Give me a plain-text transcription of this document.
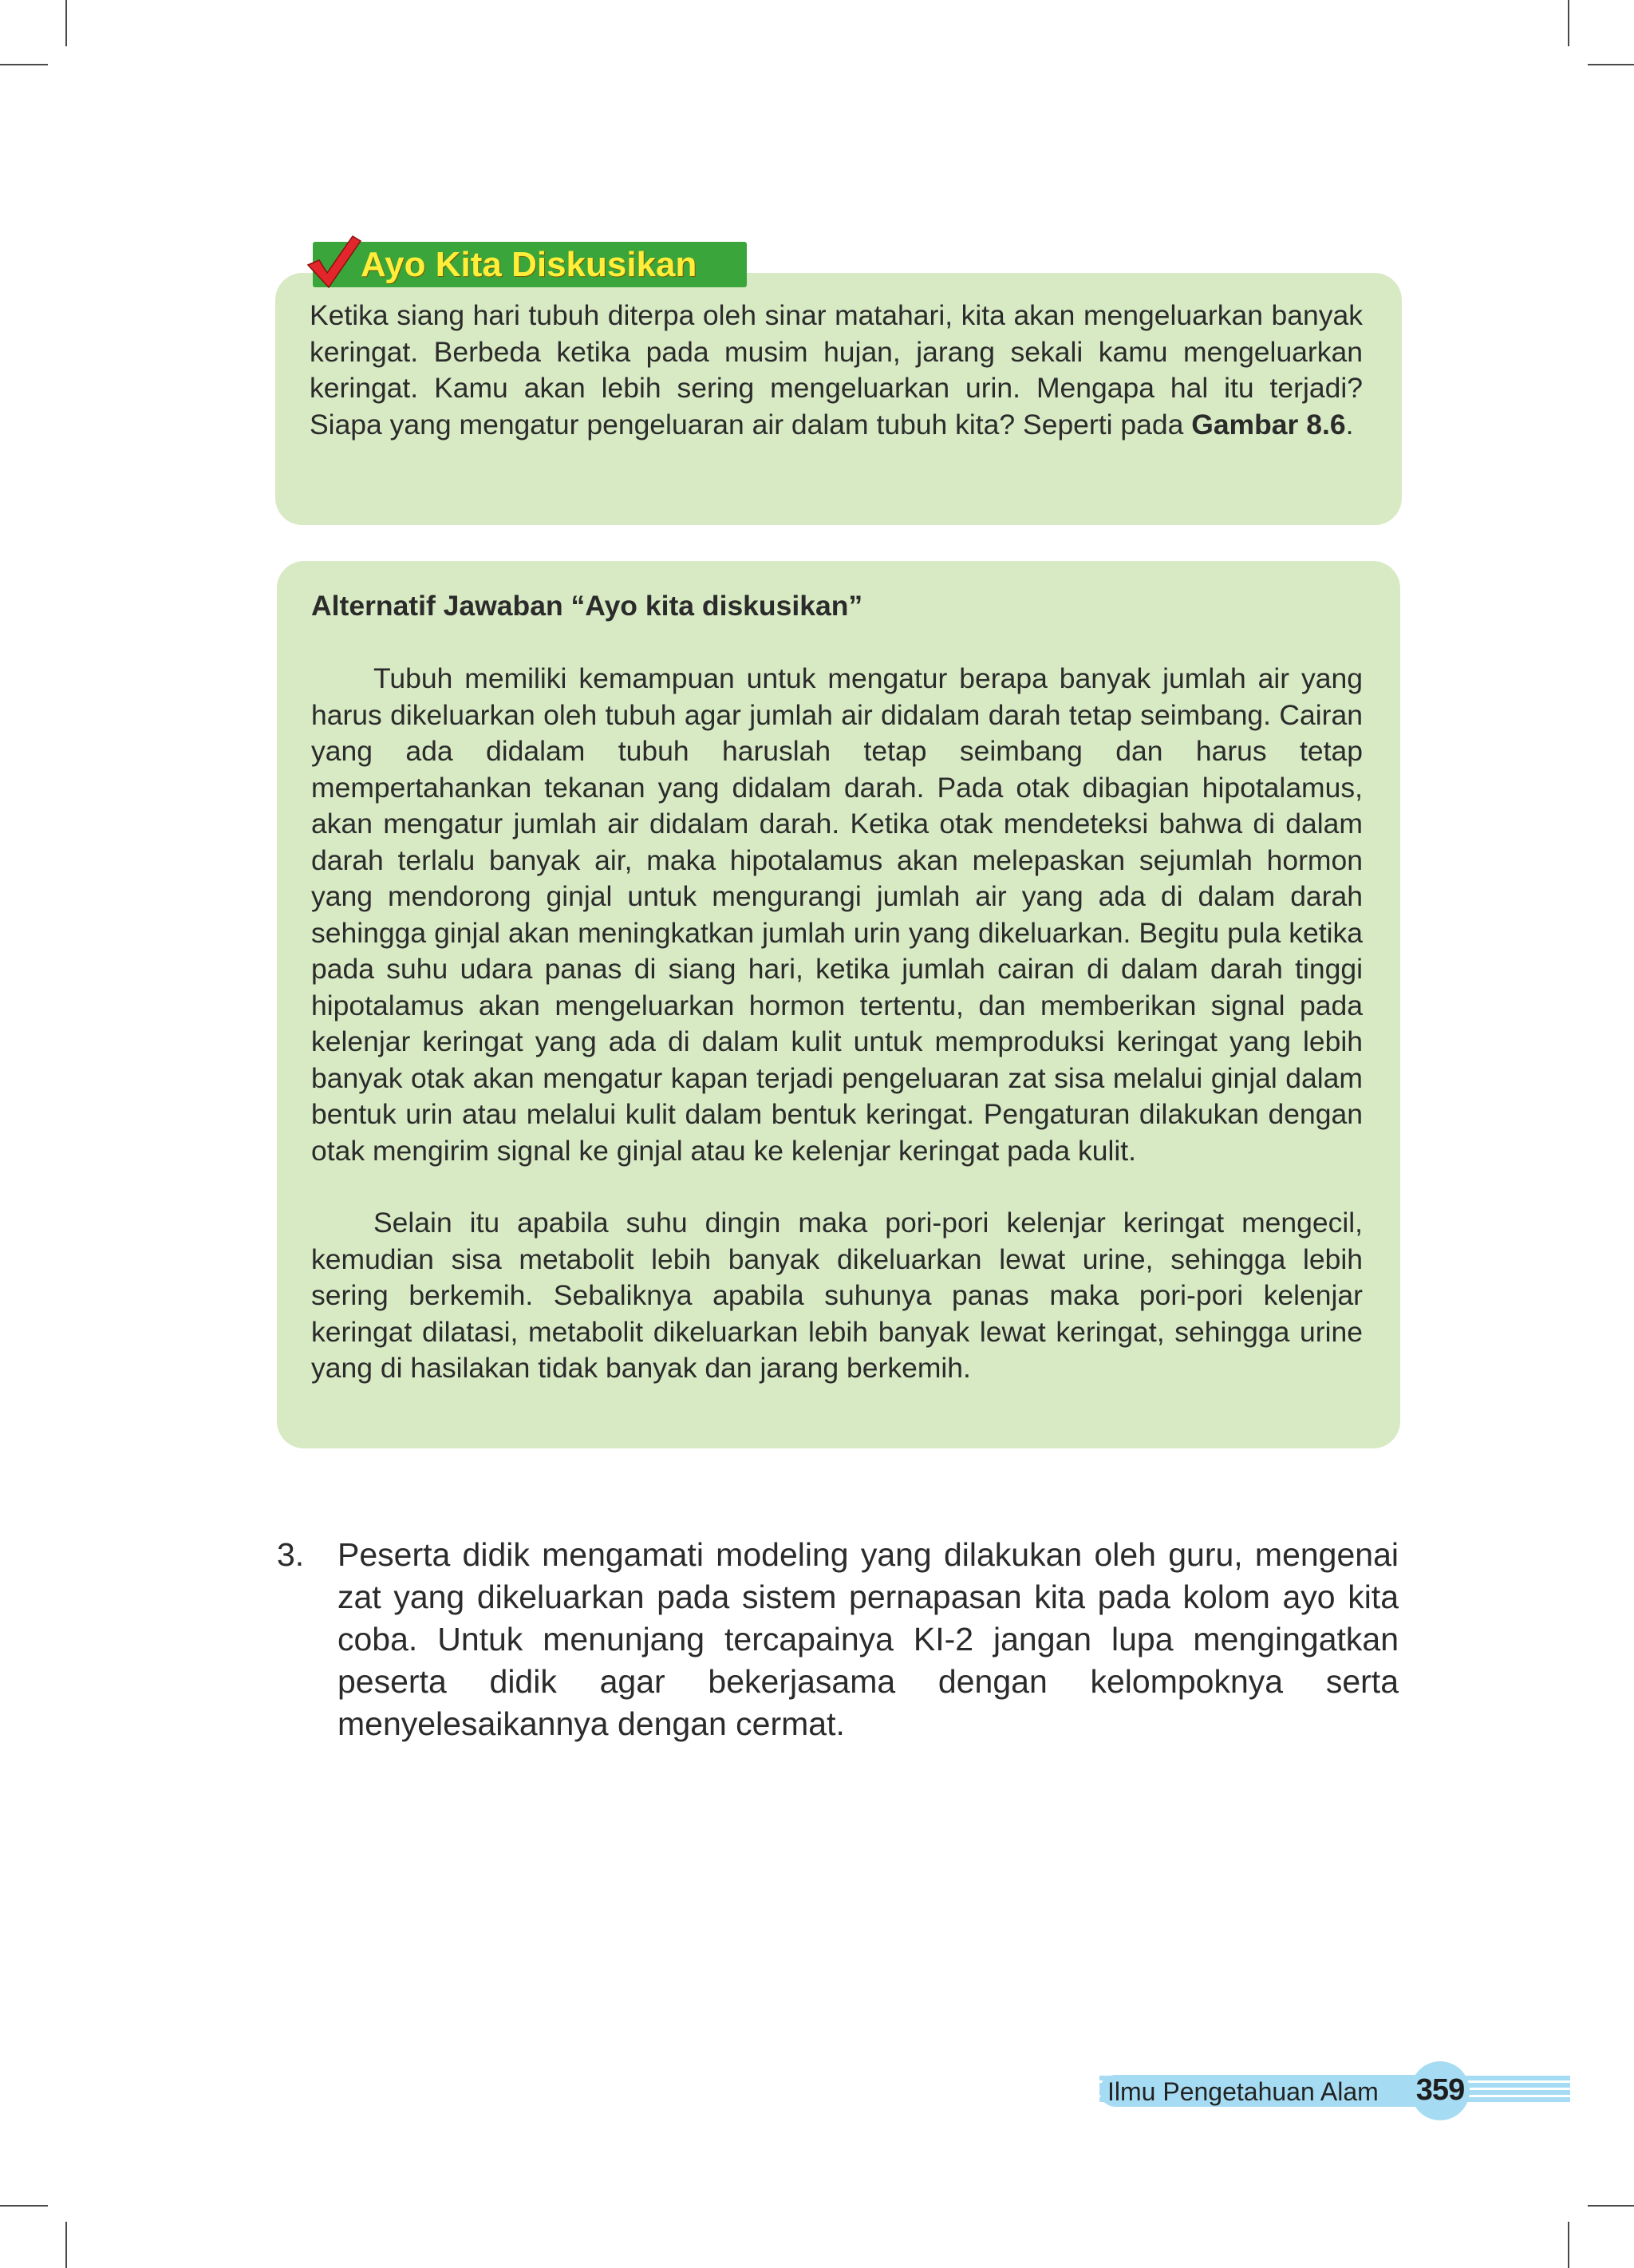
Ayo Kita Diskusikan
Ketika siang hari tubuh diterpa oleh sinar matahari, kita akan mengeluarkan banyak keringat. Berbeda ketika pada musim hujan, jarang sekali kamu mengeluarkan keringat. Kamu akan lebih sering mengeluarkan urin. Mengapa hal itu terjadi? Siapa yang mengatur pengeluaran air dalam tubuh kita? Seperti pada Gambar 8.6.
Alternatif Jawaban “Ayo kita diskusikan”

Tubuh memiliki kemampuan untuk mengatur berapa banyak jumlah air yang harus dikeluarkan oleh tubuh agar jumlah air didalam darah tetap seimbang. Cairan yang ada didalam tubuh haruslah tetap seimbang dan harus tetap mempertahankan tekanan yang didalam darah. Pada otak dibagian hipotalamus, akan mengatur jumlah air didalam darah. Ketika otak mendeteksi bahwa di dalam darah terlalu banyak air, maka hipotalamus akan melepaskan sejumlah hormon yang mendorong ginjal untuk mengurangi jumlah air yang ada di dalam darah sehingga ginjal akan meningkatkan jumlah urin yang dikeluarkan. Begitu pula ketika pada suhu udara panas di siang hari, ketika jumlah cairan di dalam darah tinggi hipotalamus akan mengeluarkan hormon tertentu, dan memberikan signal pada kelenjar keringat yang ada di dalam kulit untuk memproduksi keringat yang lebih banyak otak akan mengatur kapan terjadi pengeluaran zat sisa melalui ginjal dalam bentuk urin atau melalui kulit dalam bentuk keringat. Pengaturan dilakukan dengan otak mengirim signal ke ginjal atau ke kelenjar keringat pada kulit.

Selain itu apabila suhu dingin maka pori-pori kelenjar keringat mengecil, kemudian sisa metabolit lebih banyak dikeluarkan lewat urine, sehingga lebih sering berkemih. Sebaliknya apabila suhunya panas maka pori-pori kelenjar keringat dilatasi, metabolit dikeluarkan lebih banyak lewat keringat, sehingga urine yang di hasilakan tidak banyak dan jarang berkemih.

3. Peserta didik mengamati modeling yang dilakukan oleh guru, mengenai zat yang dikeluarkan pada sistem pernapasan kita pada kolom ayo kita coba. Untuk menunjang tercapainya KI-2 jangan lupa mengingatkan peserta didik agar bekerjasama dengan kelompoknya serta menyelesaikannya dengan cermat.
Ilmu Pengetahuan Alam 359
